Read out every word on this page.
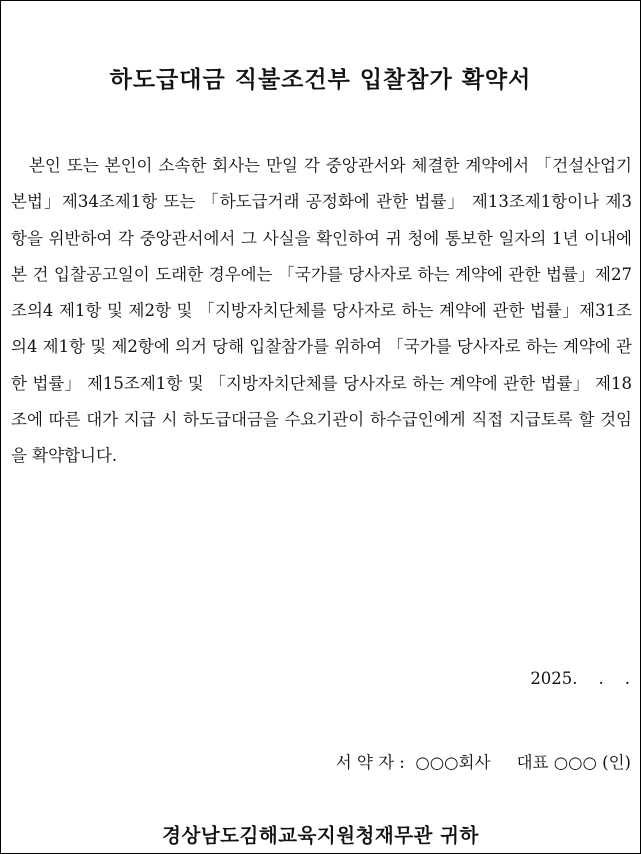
하도급대금 직불조건부 입찰참가 확약서

본인 또는 본인이 소속한 회사는 만일 각 중앙관서와 체결한 계약에서 「건설산업기본법」제34조제1항 또는 「하도급거래 공정화에 관한 법률」 제13조제1항이나 제3항을 위반하여 각 중앙관서에서 그 사실을 확인하여 귀 청에 통보한 일자의 1년 이내에 본 건 입찰공고일이 도래한 경우에는 「국가를 당사자로 하는 계약에 관한 법률」제27조의4 제1항 및 제2항 및 「지방자치단체를 당사자로 하는 계약에 관한 법률」제31조의4 제1항 및 제2항에 의거 당해 입찰참가를 위하여 「국가를 당사자로 하는 계약에 관한 법률」 제15조제1항 및 「지방자치단체를 당사자로 하는 계약에 관한 법률」 제18조에 따른 대가 지급 시 하도급대금을 수요기관이 하수급인에게 직접 지급토록 할 것임을 확약합니다.

2025.    .    .
서 약 자 :  ○○○회사     대표 ○○○ (인)
경상남도김해교육지원청재무관 귀하
